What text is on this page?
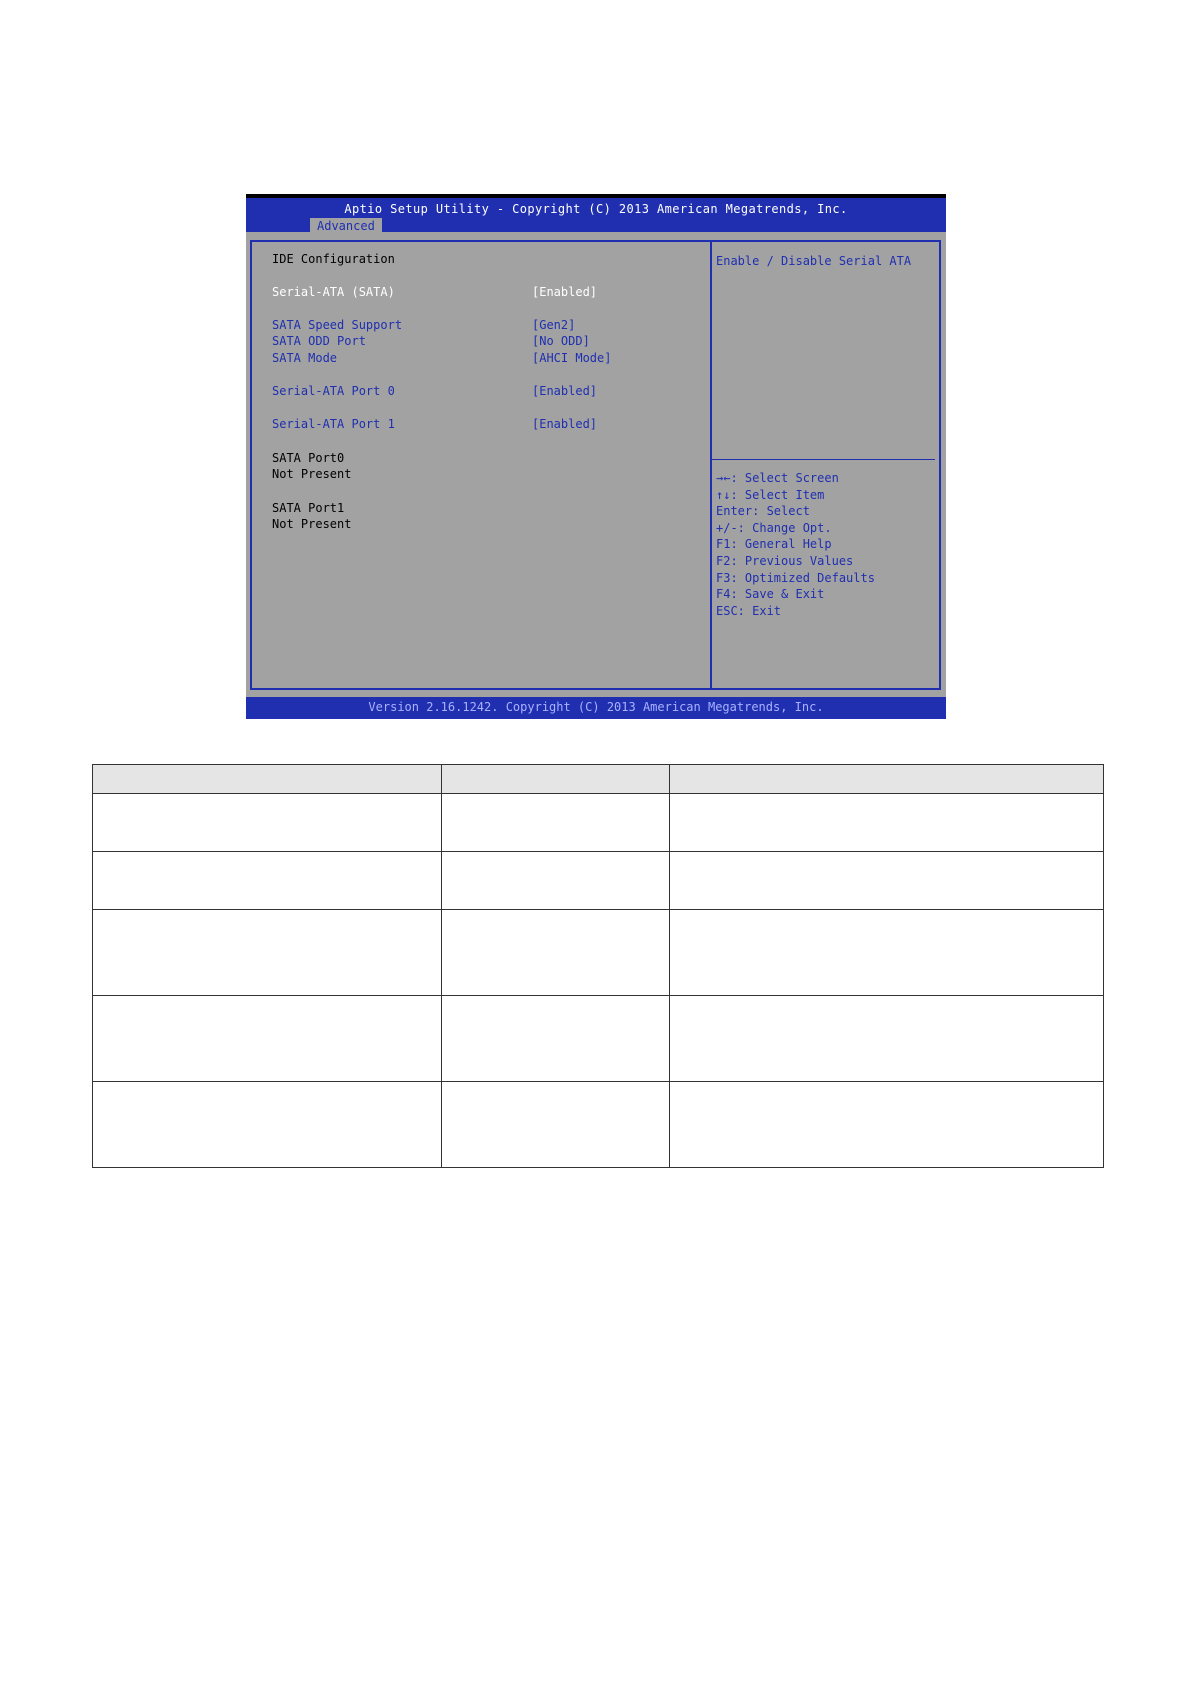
Aptio Setup Utility - Copyright (C) 2013 American Megatrends, Inc.
Advanced
IDE Configuration
Serial-ATA (SATA)	[Enabled]
SATA Speed Support	[Gen2]
SATA ODD Port	[No ODD]
SATA Mode	[AHCI Mode]
Serial-ATA Port 0	[Enabled]
Serial-ATA Port 1	[Enabled]
SATA Port0
Not Present
SATA Port1
Not Present
Enable / Disable Serial ATA
→←: Select Screen
↑↓: Select Item
Enter: Select
+/-: Change Opt.
F1: General Help
F2: Previous Values
F3: Optimized Defaults
F4: Save & Exit
ESC: Exit
Version 2.16.1242. Copyright (C) 2013 American Megatrends, Inc.
